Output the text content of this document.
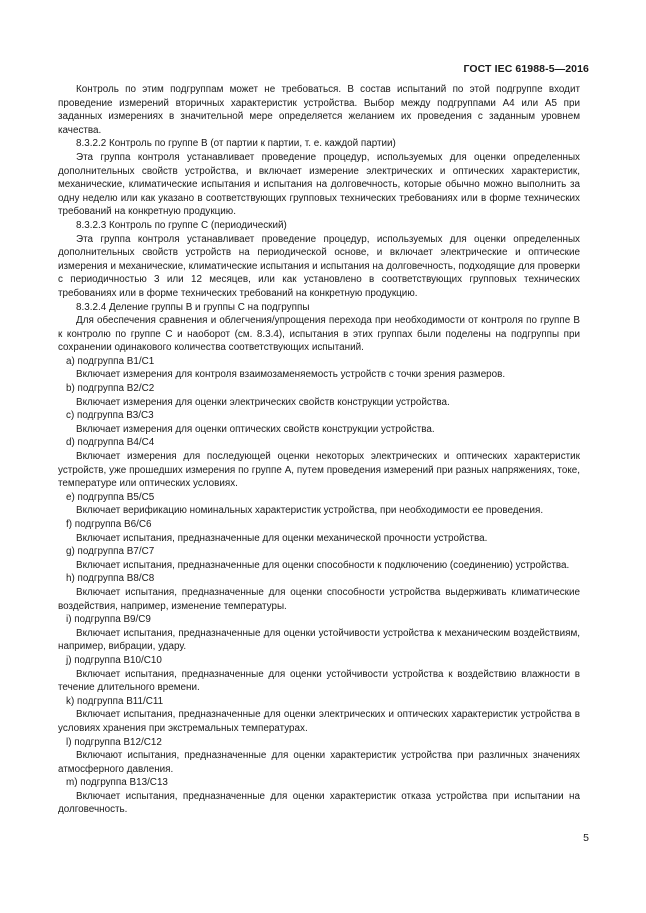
ГОСТ IEC 61988-5—2016

Контроль по этим подгруппам может не требоваться. В состав испытаний по этой подгруппе входит проведение измерений вторичных характеристик устройства. Выбор между подгруппами А4 или А5 при заданных измерениях в значительной мере определяется желанием их проведения с заданным уровнем качества.

8.3.2.2 Контроль по группе В (от партии к партии, т. е. каждой партии)

Эта группа контроля устанавливает проведение процедур, используемых для оценки определенных дополнительных свойств устройства, и включает измерение электрических и оптических характеристик, механические, климатические испытания и испытания на долговечность, которые обычно можно выполнить за одну неделю или как указано в соответствующих групповых технических требованиях или в форме технических требований на конкретную продукцию.

8.3.2.3 Контроль по группе С (периодический)

Эта группа контроля устанавливает проведение процедур, используемых для оценки определенных дополнительных свойств устройств на периодической основе, и включает электрические и оптические измерения и механические, климатические испытания и испытания на долговечность, подходящие для проверки с периодичностью 3 или 12 месяцев, или как установлено в соответствующих групповых технических требованиях или в форме технических требований на конкретную продукцию.

8.3.2.4 Деление группы В и группы С на подгруппы

Для обеспечения сравнения и облегчения/упрощения перехода при необходимости от контроля по группе В к контролю по группе С и наоборот (см. 8.3.4), испытания в этих группах были поделены на подгруппы при сохранении одинакового количества соответствующих испытаний.

a) подгруппа В1/С1

Включает измерения для контроля взаимозаменяемость устройств с точки зрения размеров.

b) подгруппа В2/С2

Включает измерения для оценки электрических свойств конструкции устройства.

c) подгруппа В3/С3

Включает измерения для оценки оптических свойств конструкции устройства.

d) подгруппа В4/С4

Включает измерения для последующей оценки некоторых электрических и оптических характеристик устройств, уже прошедших измерения по группе А, путем проведения измерений при разных напряжениях, токе, температуре или оптических условиях.

e) подгруппа В5/С5

Включает верификацию номинальных характеристик устройства, при необходимости ее проведения.

f) подгруппа В6/С6

Включает испытания, предназначенные для оценки механической прочности устройства.

g) подгруппа В7/С7

Включает испытания, предназначенные для оценки способности к подключению (соединению) устройства.

h) подгруппа В8/С8

Включает испытания, предназначенные для оценки способности устройства выдерживать климатические воздействия, например, изменение температуры.

i) подгруппа В9/С9

Включает испытания, предназначенные для оценки устойчивости устройства к механическим воздействиям, например, вибрации, удару.

j) подгруппа В10/С10

Включает испытания, предназначенные для оценки устойчивости устройства к воздействию влажности в течение длительного времени.

k) подгруппа В11/С11

Включает испытания, предназначенные для оценки электрических и оптических характеристик устройства в условиях хранения при экстремальных температурах.

l) подгруппа В12/С12

Включают испытания, предназначенные для оценки характеристик устройства при различных значениях атмосферного давления.

m) подгруппа В13/С13

Включает испытания, предназначенные для оценки характеристик отказа устройства при испытании на долговечность.

5
